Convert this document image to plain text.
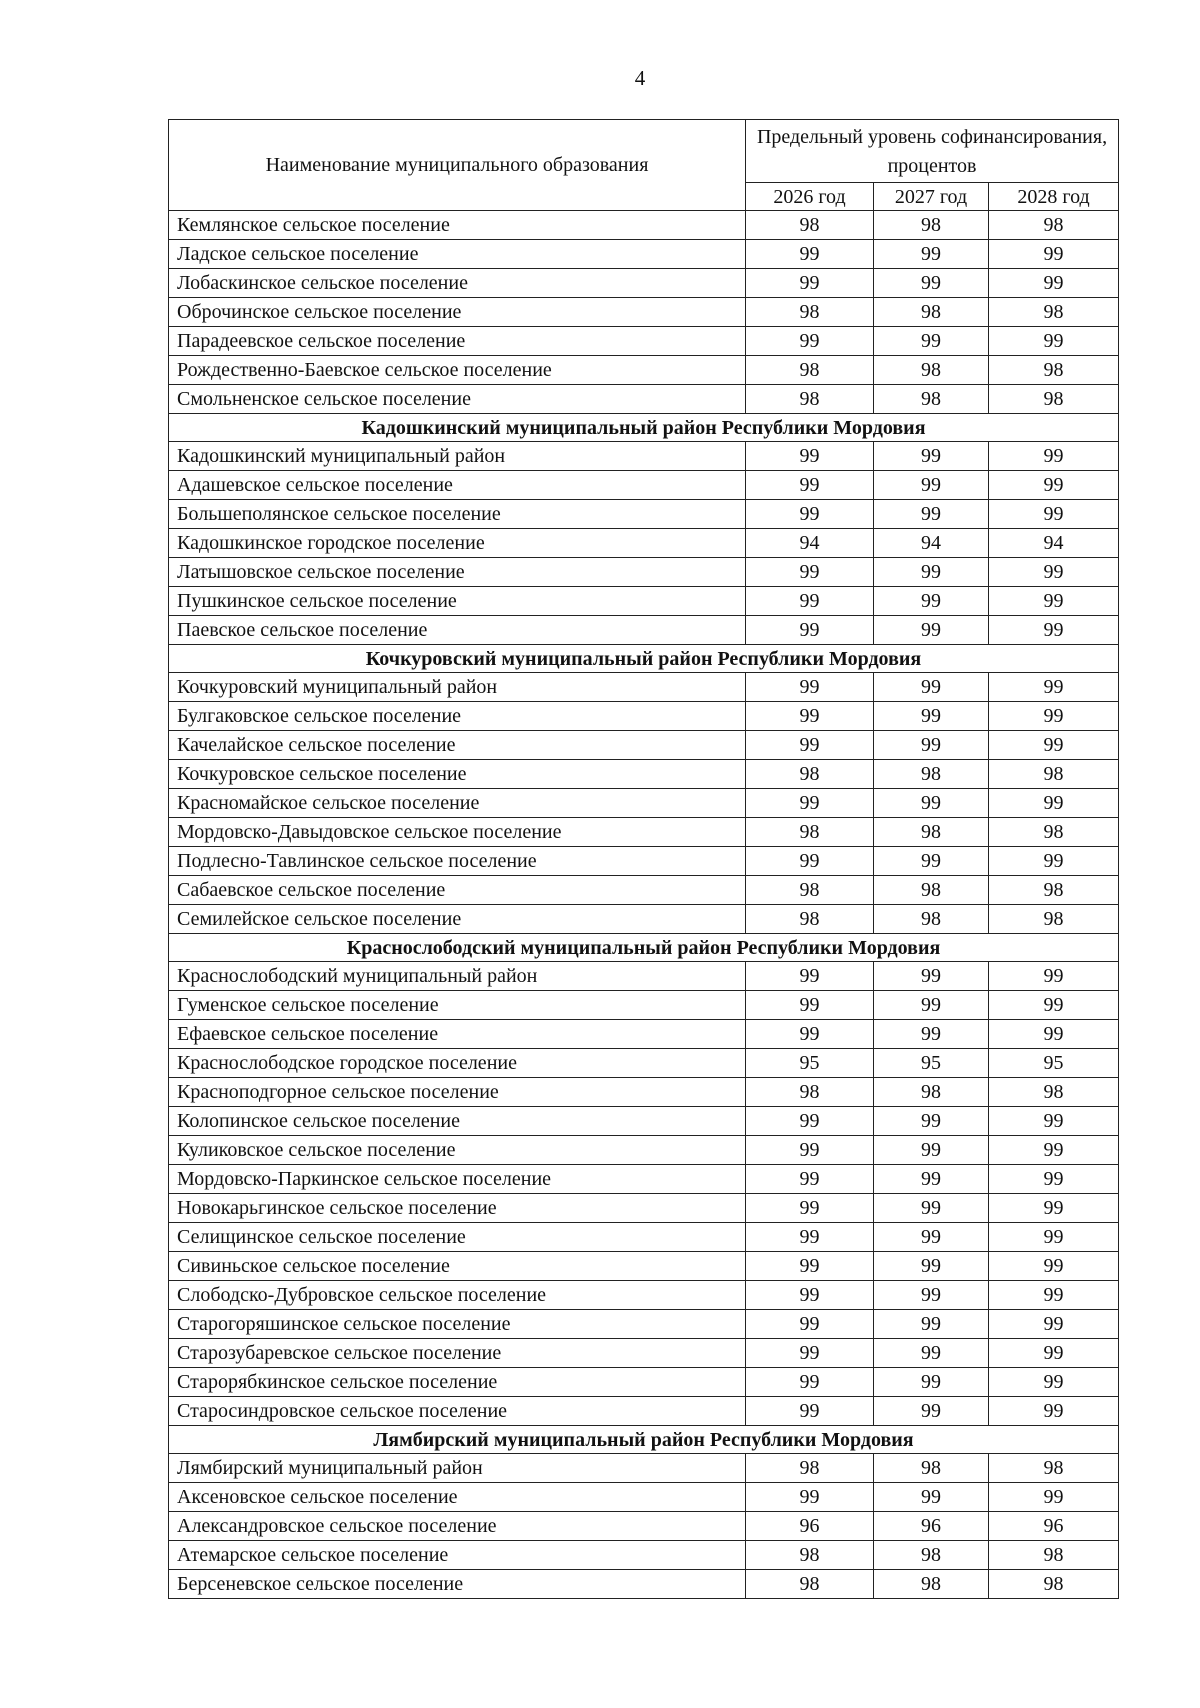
4
Наименование муниципального образования	Предельный уровень софинансирования, процентов		
	2026 год	2027 год	2028 год
Кемлянское сельское поселение	98	98	98
Ладское сельское поселение	99	99	99
Лобаскинское сельское поселение	99	99	99
Оброчинское сельское поселение	98	98	98
Парадеевское сельское поселение	99	99	99
Рождественно-Баевское сельское поселение	98	98	98
Смольненское сельское поселение	98	98	98
Кадошкинский муниципальный район Республики Мордовия			
Кадошкинский муниципальный район	99	99	99
Адашевское сельское поселение	99	99	99
Большеполянское сельское поселение	99	99	99
Кадошкинское городское поселение	94	94	94
Латышовское сельское поселение	99	99	99
Пушкинское сельское поселение	99	99	99
Паевское сельское поселение	99	99	99
Кочкуровский муниципальный район Республики Мордовия			
Кочкуровский муниципальный район	99	99	99
Булгаковское сельское поселение	99	99	99
Качелайское сельское поселение	99	99	99
Кочкуровское сельское поселение	98	98	98
Красномайское сельское поселение	99	99	99
Мордовско-Давыдовское сельское поселение	98	98	98
Подлесно-Тавлинское сельское поселение	99	99	99
Сабаевское сельское поселение	98	98	98
Семилейское сельское поселение	98	98	98
Краснослободский муниципальный район Республики Мордовия			
Краснослободский муниципальный район	99	99	99
Гуменское сельское поселение	99	99	99
Ефаевское сельское поселение	99	99	99
Краснослободское городское поселение	95	95	95
Красноподгорное сельское поселение	98	98	98
Колопинское сельское поселение	99	99	99
Куликовское сельское поселение	99	99	99
Мордовско-Паркинское сельское поселение	99	99	99
Новокарьгинское сельское поселение	99	99	99
Селищинское сельское поселение	99	99	99
Сивиньское сельское поселение	99	99	99
Слободско-Дубровское сельское поселение	99	99	99
Старогоряшинское сельское поселение	99	99	99
Старозубаревское сельское поселение	99	99	99
Старорябкинское сельское поселение	99	99	99
Старосиндровское сельское поселение	99	99	99
Лямбирский муниципальный район Республики Мордовия			
Лямбирский муниципальный район	98	98	98
Аксеновское сельское поселение	99	99	99
Александровское сельское поселение	96	96	96
Атемарское сельское поселение	98	98	98
Берсеневское сельское поселение	98	98	98
